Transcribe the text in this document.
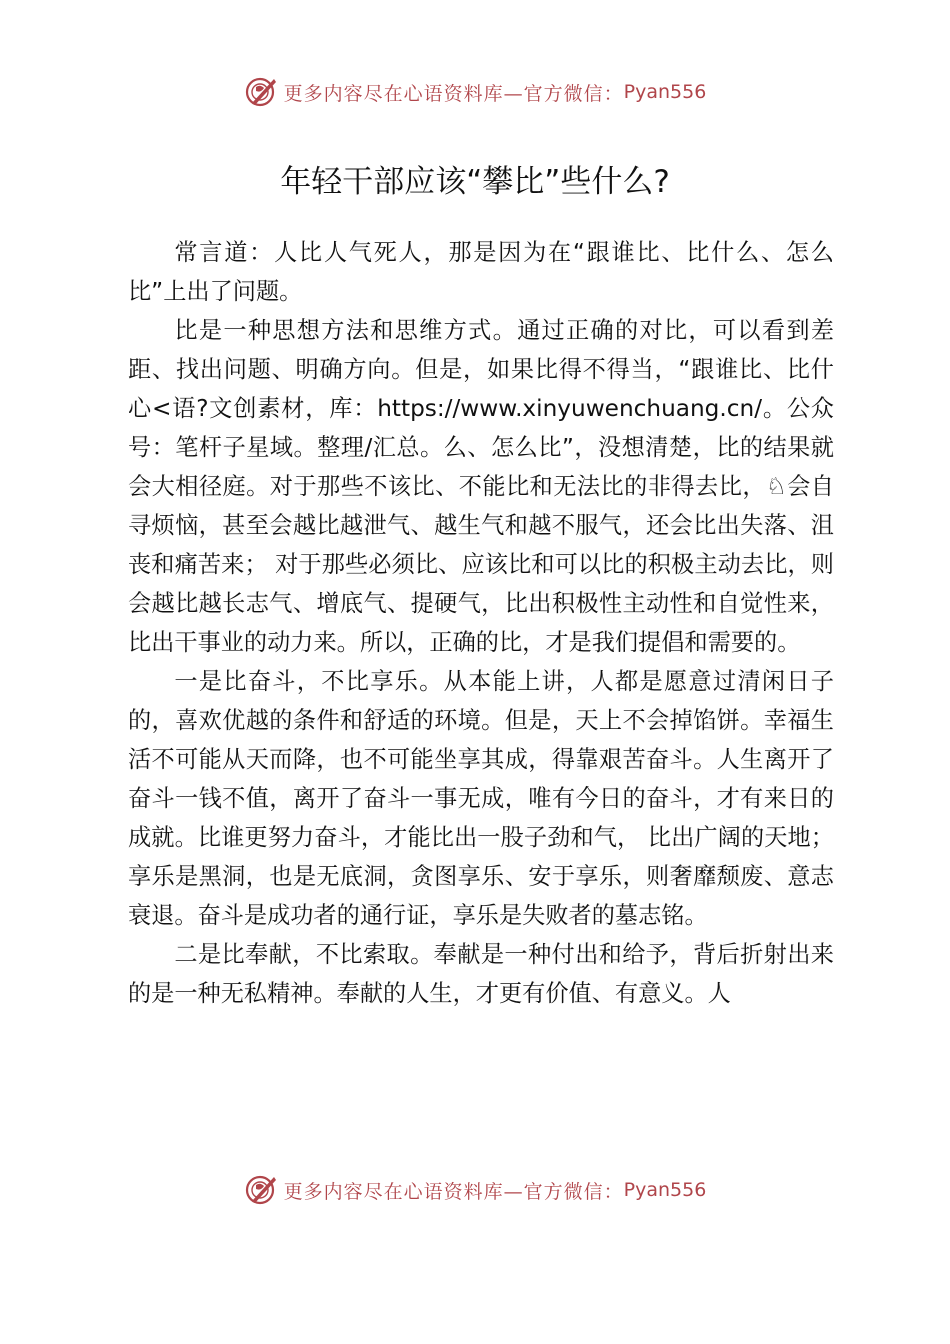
更多内容尽在心语资料库—官方微信： Pyan556
年轻干部应该“攀比”些什么?

常言道：人比人气死人，那是因为在“跟谁比、比什么、怎么比”上出了问题。

比是一种思想方法和思维方式。通过正确的对比，可以看到差距、找出问题、明确方向。但是，如果比得不得当，“跟谁比、比什心<语?文创素材，库：https://www.xinyuwenchuang.cn/。公众号：笔杆子星域。整理/汇总。么、怎么比”，没想清楚，比的结果就会大相径庭。对于那些不该比、不能比和无法比的非得去比，♘会自寻烦恼，甚至会越比越泄气、越生气和越不服气，还会比出失落、沮丧和痛苦来； 对于那些必须比、应该比和可以比的积极主动去比，则会越比越长志气、增底气、提硬气，比出积极性主动性和自觉性来，比出干事业的动力来。所以，正确的比，才是我们提倡和需要的。

一是比奋斗，不比享乐。从本能上讲，人都是愿意过清闲日子的，喜欢优越的条件和舒适的环境。但是，天上不会掉馅饼。幸福生活不可能从天而降，也不可能坐享其成，得靠艰苦奋斗。人生离开了奋斗一钱不值，离开了奋斗一事无成，唯有今日的奋斗，才有来日的成就。比谁更努力奋斗，才能比出一股子劲和气， 比出广阔的天地；享乐是黑洞，也是无底洞，贪图享乐、安于享乐，则奢靡颓废、意志衰退。奋斗是成功者的通行证，享乐是失败者的墓志铭。

二是比奉献，不比索取。奉献是一种付出和给予，背后折射出来的是一种无私精神。奉献的人生，才更有价值、有意义。人

更多内容尽在心语资料库—官方微信： Pyan556
